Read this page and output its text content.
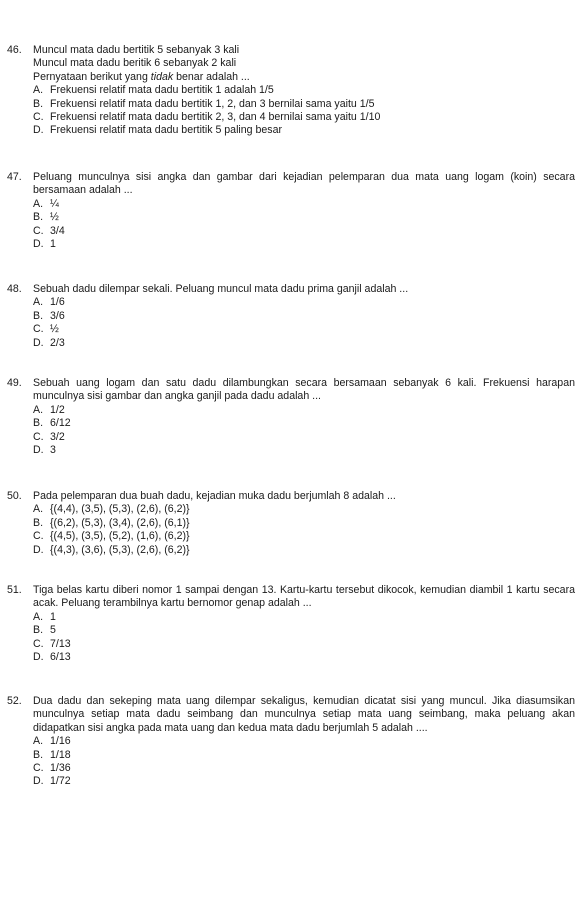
46. Muncul mata dadu bertitik 5 sebanyak 3 kali
Muncul mata dadu beritik 6 sebanyak 2 kali
Pernyataan berikut yang tidak benar adalah ...
A. Frekuensi relatif mata dadu bertitik 1 adalah 1/5
B. Frekuensi relatif mata dadu bertitik 1, 2, dan 3 bernilai sama yaitu 1/5
C. Frekuensi relatif mata dadu bertitik 2, 3, dan 4 bernilai sama yaitu 1/10
D. Frekuensi relatif mata dadu bertitik 5 paling besar
47. Peluang munculnya sisi angka dan gambar dari kejadian pelemparan dua mata uang logam (koin) secara bersamaan adalah ...
A. ¼
B. ½
C. 3/4
D. 1
48. Sebuah dadu dilempar sekali. Peluang muncul mata dadu prima ganjil adalah ...
A. 1/6
B. 3/6
C. ½
D. 2/3
49. Sebuah uang logam dan satu dadu dilambungkan secara bersamaan sebanyak 6 kali. Frekuensi harapan munculnya sisi gambar dan angka ganjil pada dadu adalah ...
A. 1/2
B. 6/12
C. 3/2
D. 3
50. Pada pelemparan dua buah dadu, kejadian muka dadu berjumlah 8 adalah ...
A. {(4,4), (3,5), (5,3), (2,6), (6,2)}
B. {(6,2), (5,3), (3,4), (2,6), (6,1)}
C. {(4,5), (3,5), (5,2), (1,6), (6,2)}
D. {(4,3), (3,6), (5,3), (2,6), (6,2)}
51. Tiga belas kartu diberi nomor 1 sampai dengan 13. Kartu-kartu tersebut dikocok, kemudian diambil 1 kartu secara acak. Peluang terambilnya kartu bernomor genap adalah ...
A. 1
B. 5
C. 7/13
D. 6/13
52. Dua dadu dan sekeping mata uang dilempar sekaligus, kemudian dicatat sisi yang muncul. Jika diasumsikan munculnya setiap mata dadu seimbang dan munculnya setiap mata uang seimbang, maka peluang akan didapatkan sisi angka pada mata uang dan kedua mata dadu berjumlah 5 adalah ....
A. 1/16
B. 1/18
C. 1/36
D. 1/72
